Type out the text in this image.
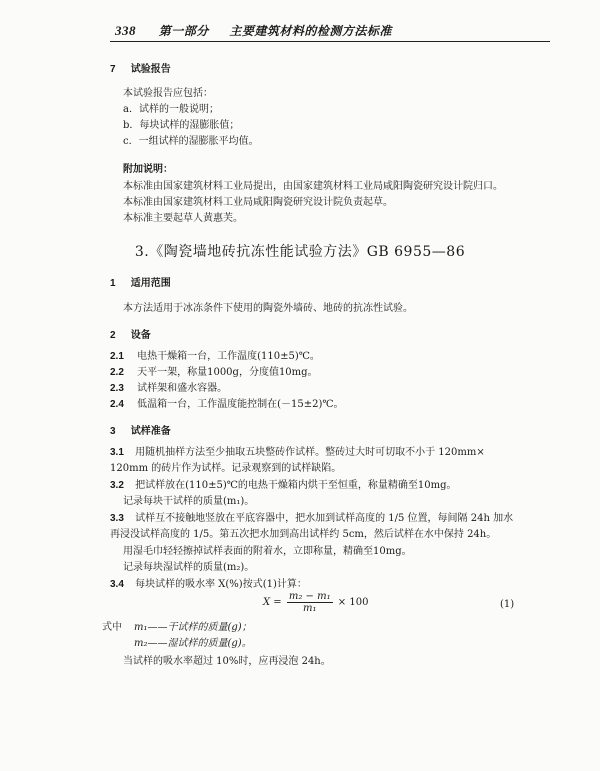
338 第一部分 主要建筑材料的检测方法标准
7 试验报告
本试验报告应包括：
a．试样的一般说明；
b．每块试样的湿膨胀值；
c．一组试样的湿膨胀平均值。
附加说明：
本标准由国家建筑材料工业局提出，由国家建筑材料工业局咸阳陶瓷研究设计院归口。
本标准由国家建筑材料工业局咸阳陶瓷研究设计院负责起草。
本标准主要起草人黄惠芙。
3.《陶瓷墙地砖抗冻性能试验方法》GB 6955—86
1 适用范围
本方法适用于冰冻条件下使用的陶瓷外墙砖、地砖的抗冻性试验。
2 设备
2.1 电热干燥箱一台，工作温度(110±5)℃。
2.2 天平一架，称量1000g，分度值10mg。
2.3 试样架和盛水容器。
2.4 低温箱一台，工作温度能控制在(－15±2)℃。
3 试样准备
3.1 用随机抽样方法至少抽取五块整砖作试样。整砖过大时可切取不小于 120mm×
120mm 的砖片作为试样。记录观察到的试样缺陷。
3.2 把试样放在(110±5)℃的电热干燥箱内烘干至恒重，称量精确至10mg。
记录每块干试样的质量(m₁)。
3.3 试样互不接触地竖放在平底容器中，把水加到试样高度的 1/5 位置，每间隔 24h 加水
再浸没试样高度的 1/5。第五次把水加到高出试样约 5cm，然后试样在水中保持 24h。
用湿毛巾轻轻擦掉试样表面的附着水，立即称量，精确至10mg。
记录每块湿试样的质量(m₂)。
3.4 每块试样的吸水率 X(%)按式(1)计算：
$X = \frac{\text{m₂ − m₁}}{\text{m₁}} \times 100$	(1)
式中 m₁——干试样的质量(g)；
m₂——湿试样的质量(g)。
当试样的吸水率超过 10%时，应再浸泡 24h。
